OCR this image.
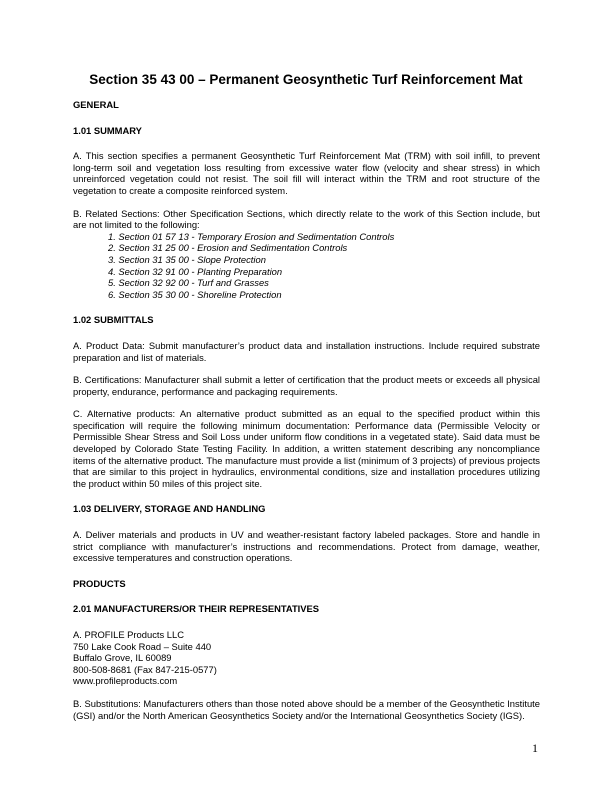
Section 35 43 00 – Permanent Geosynthetic Turf Reinforcement Mat
GENERAL
1.01 SUMMARY
A. This section specifies a permanent Geosynthetic Turf Reinforcement Mat (TRM) with soil infill, to prevent long-term soil and vegetation loss resulting from excessive water flow (velocity and shear stress) in which unreinforced vegetation could not resist. The soil fill will interact within the TRM and root structure of the vegetation to create a composite reinforced system.
B. Related Sections: Other Specification Sections, which directly relate to the work of this Section include, but are not limited to the following:
1. Section 01 57 13 - Temporary Erosion and Sedimentation Controls
2. Section 31 25 00 - Erosion and Sedimentation Controls
3. Section 31 35 00 - Slope Protection
4. Section 32 91 00 - Planting Preparation
5. Section 32 92 00 - Turf and Grasses
6. Section 35 30 00 - Shoreline Protection
1.02 SUBMITTALS
A. Product Data: Submit manufacturer’s product data and installation instructions. Include required substrate preparation and list of materials.
B. Certifications: Manufacturer shall submit a letter of certification that the product meets or exceeds all physical property, endurance, performance and packaging requirements.
C. Alternative products: An alternative product submitted as an equal to the specified product within this specification will require the following minimum documentation: Performance data (Permissible Velocity or Permissible Shear Stress and Soil Loss under uniform flow conditions in a vegetated state). Said data must be developed by Colorado State Testing Facility. In addition, a written statement describing any noncompliance items of the alternative product. The manufacture must provide a list (minimum of 3 projects) of previous projects that are similar to this project in hydraulics, environmental conditions, size and installation procedures utilizing the product within 50 miles of this project site.
1.03 DELIVERY, STORAGE AND HANDLING
A. Deliver materials and products in UV and weather-resistant factory labeled packages. Store and handle in strict compliance with manufacturer’s instructions and recommendations. Protect from damage, weather, excessive temperatures and construction operations.
PRODUCTS
2.01 MANUFACTURERS/OR THEIR REPRESENTATIVES
A. PROFILE Products LLC
750 Lake Cook Road – Suite 440
Buffalo Grove, IL 60089
800-508-8681 (Fax 847-215-0577)
www.profileproducts.com
B. Substitutions: Manufacturers others than those noted above should be a member of the Geosynthetic Institute (GSI) and/or the North American Geosynthetics Society and/or the International Geosynthetics Society (IGS).
1
